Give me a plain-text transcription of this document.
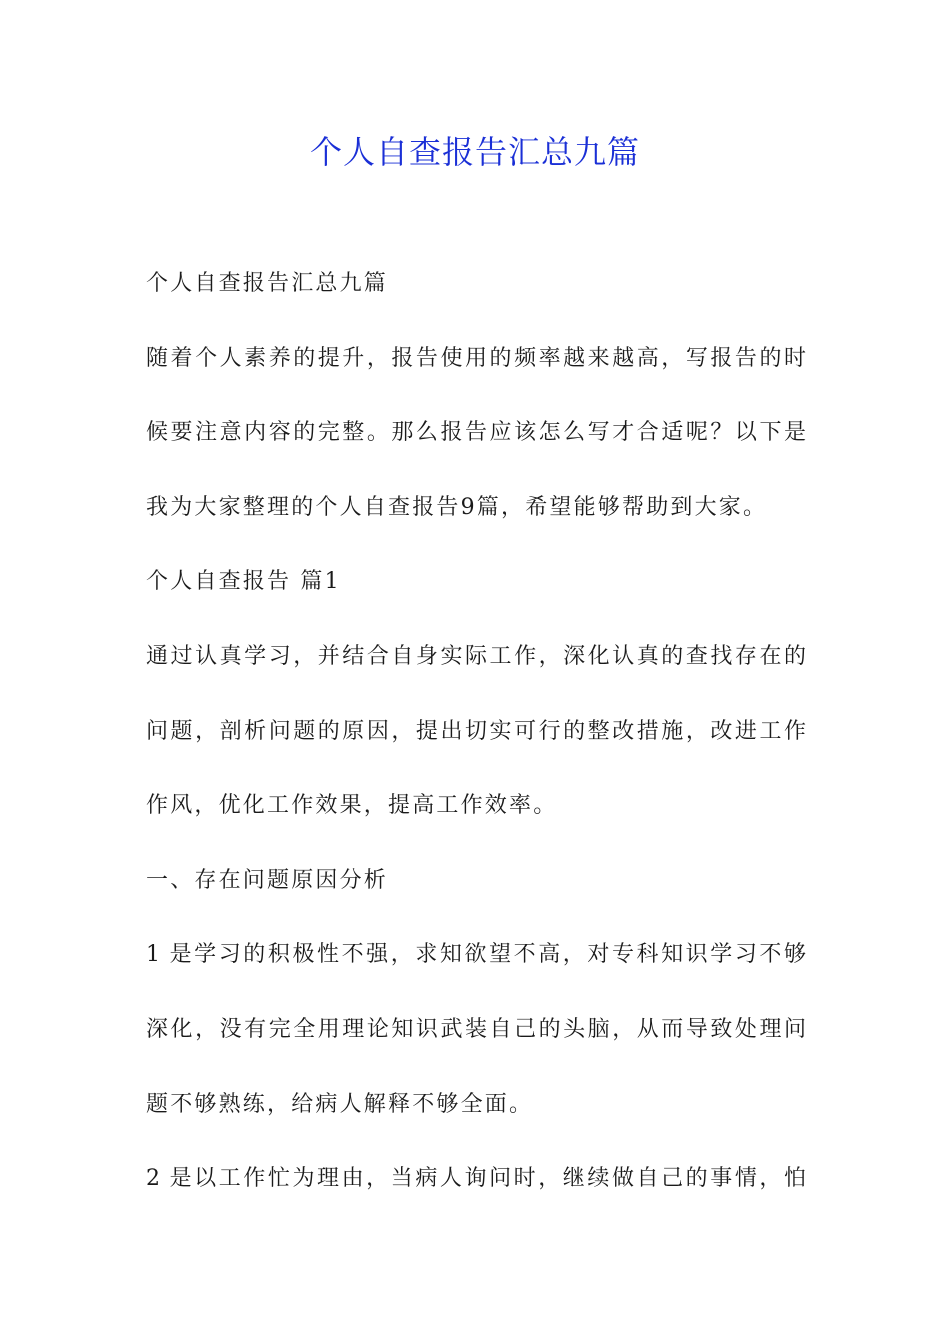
个人自查报告汇总九篇
个人自查报告汇总九篇
随着个人素养的提升，报告使用的频率越来越高，写报告的时
候要注意内容的完整。那么报告应该怎么写才合适呢？以下是
我为大家整理的个人自查报告9篇，希望能够帮助到大家。
个人自查报告 篇1
通过认真学习，并结合自身实际工作，深化认真的查找存在的
问题，剖析问题的原因，提出切实可行的整改措施，改进工作
作风，优化工作效果，提高工作效率。
一、存在问题原因分析
1 是学习的积极性不强，求知欲望不高，对专科知识学习不够
深化，没有完全用理论知识武装自己的头脑，从而导致处理问
题不够熟练，给病人解释不够全面。
2 是以工作忙为理由，当病人询问时，继续做自己的事情，怕
